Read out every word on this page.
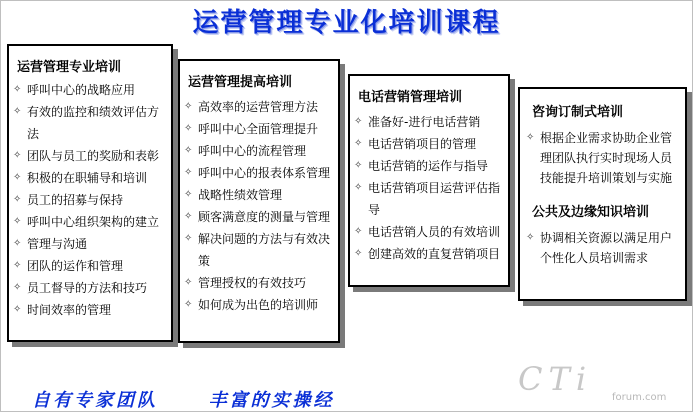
运营管理专业化培训课程
运营管理专业培训
✧ 呼叫中心的战略应用
✧ 有效的监控和绩效评估方法
✧ 团队与员工的奖励和表彰
✧ 积极的在职辅导和培训
✧ 员工的招募与保持
✧ 呼叫中心组织架构的建立
✧ 管理与沟通
✧ 团队的运作和管理
✧ 员工督导的方法和技巧
✧ 时间效率的管理
运营管理提高培训
✧ 高效率的运营管理方法
✧ 呼叫中心全面管理提升
✧ 呼叫中心的流程管理
✧ 呼叫中心的报表体系管理
✧ 战略性绩效管理
✧ 顾客满意度的测量与管理
✧ 解决问题的方法与有效决策
✧ 管理授权的有效技巧
✧ 如何成为出色的培训师
电话营销管理培训
✧ 准备好-进行电话营销
✧ 电话营销项目的管理
✧ 电话营销的运作与指导
✧ 电话营销项目运营评估指导
✧ 电话营销人员的有效培训
✧ 创建高效的直复营销项目
咨询订制式培训
✧ 根据企业需求协助企业管理团队执行实时现场人员技能提升培训策划与实施
公共及边缘知识培训
✧ 协调相关资源以满足用户个性化人员培训需求
自有专家团队	丰富的实操经
CTi forum.com
